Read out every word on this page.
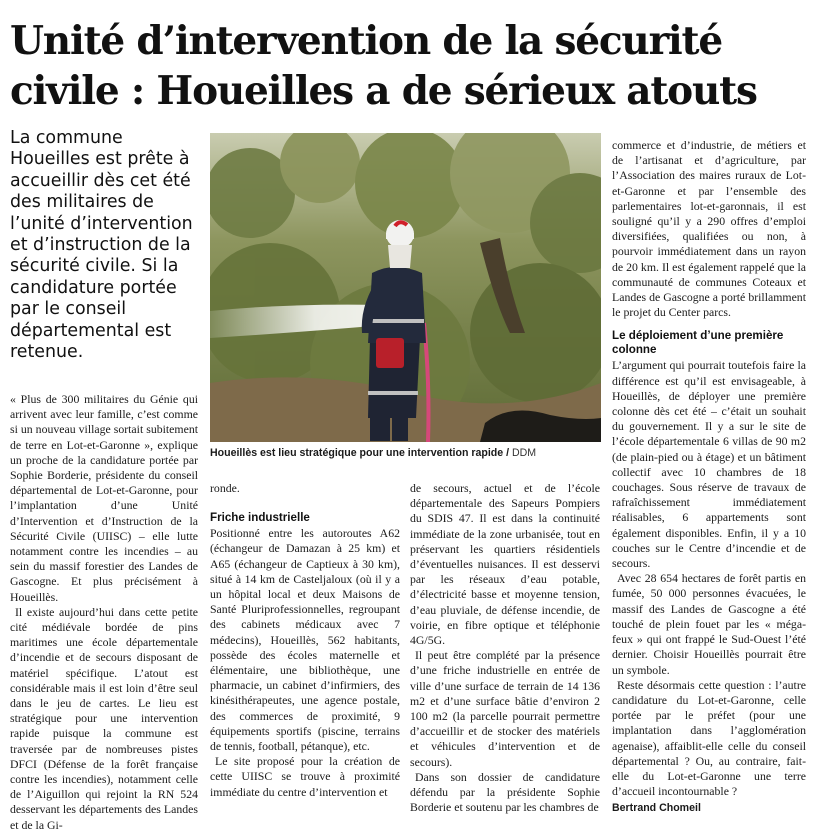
Unité d’intervention de la sécurité
civile : Houeilles a de sérieux atouts
La commune Houeilles est prête à accueillir dès cet été des militaires de l’unité d’intervention et d’instruction de la sécurité civile. Si la candidature portée par le conseil départemental est retenue.
Houeillès est lieu stratégique pour une intervention rapide / DDM

« Plus de 300 militaires du Génie qui arrivent avec leur famille, c’est comme si un nouveau village sortait subitement de terre en Lot-et-Garonne », explique un proche de la candidature portée par Sophie Borderie, présidente du conseil départemental de Lot-et-Garonne, pour l’implantation d’une Unité d’Intervention et d’Instruction de la Sécurité Civile (UIISC) – elle lutte notamment contre les incendies – au sein du massif forestier des Landes de Gascogne. Et plus précisément à Houeillès.

Il existe aujourd’hui dans cette petite cité médiévale bordée de pins maritimes une école départementale d’incendie et de secours disposant de matériel spécifique. L’atout est considérable mais il est loin d’être seul dans le jeu de cartes. Le lieu est stratégique pour une intervention rapide puisque la commune est traversée par de nombreuses pistes DFCI (Défense de la forêt française contre les incendies), notamment celle de l’Aiguillon qui rejoint la RN 524 desservant les départements des Landes et de la Gi-

ronde.

Friche industrielle

Positionné entre les autoroutes A62 (échangeur de Damazan à 25 km) et A65 (échangeur de Captieux à 30 km), situé à 14 km de Casteljaloux (où il y a un hôpital local et deux Maisons de Santé Pluriprofessionnelles, regroupant des cabinets médicaux avec 7 médecins), Houeillès, 562 habitants, possède des écoles maternelle et élémentaire, une bibliothèque, une pharmacie, un cabinet d’infirmiers, des kinésithérapeutes, une agence postale, des commerces de proximité, 9 équipements sportifs (piscine, terrains de tennis, football, pétanque), etc.

Le site proposé pour la création de cette UIISC se trouve à proximité immédiate du centre d’intervention et

de secours, actuel et de l’école départementale des Sapeurs Pompiers du SDIS 47. Il est dans la continuité immédiate de la zone urbanisée, tout en préservant les quartiers résidentiels d’éventuelles nuisances. Il est desservi par les réseaux d’eau potable, d’électricité basse et moyenne tension, d’eau pluviale, de défense incendie, de voirie, en fibre optique et téléphonie 4G/5G.

Il peut être complété par la présence d’une friche industrielle en entrée de ville d’une surface de terrain de 14 136 m2 et d’une surface bâtie d’environ 2 100 m2 (la parcelle pourrait permettre d’accueillir et de stocker des matériels et véhicules d’intervention et de secours).

Dans son dossier de candidature défendu par la présidente Sophie Borderie et soutenu par les chambres de

commerce et d’industrie, de métiers et de l’artisanat et d’agriculture, par l’Association des maires ruraux de Lot-et-Garonne et par l’ensemble des parlementaires lot-et-garonnais, il est souligné qu’il y a 290 offres d’emploi diversifiées, qualifiées ou non, à pourvoir immédiatement dans un rayon de 20 km. Il est également rappelé que la communauté de communes Coteaux et Landes de Gascogne a porté brillamment le projet du Center parcs.

Le déploiement d’une première colonne

L’argument qui pourrait toutefois faire la différence est qu’il est envisageable, à Houeillès, de déployer une première colonne dès cet été – c’était un souhait du gouvernement. Il y a sur le site de l’école départementale 6 villas de 90 m2 (de plain-pied ou à étage) et un bâtiment collectif avec 10 chambres de 18 couchages. Sous réserve de travaux de rafraîchissement immédiatement réalisables, 6 appartements sont également disponibles. Enfin, il y a 10 couches sur le Centre d’incendie et de secours.

Avec 28 654 hectares de forêt partis en fumée, 50 000 personnes évacuées, le massif des Landes de Gascogne a été touché de plein fouet par les « méga-feux » qui ont frappé le Sud-Ouest l’été dernier. Choisir Houeillès pourrait être un symbole.

Reste désormais cette question : l’autre candidature du Lot-et-Garonne, celle portée par le préfet (pour une implantation dans l’agglomération agenaise), affaiblit-elle celle du conseil départemental ? Ou, au contraire, fait-elle du Lot-et-Garonne une terre d’accueil incontournable ?

Bertrand Chomeil
